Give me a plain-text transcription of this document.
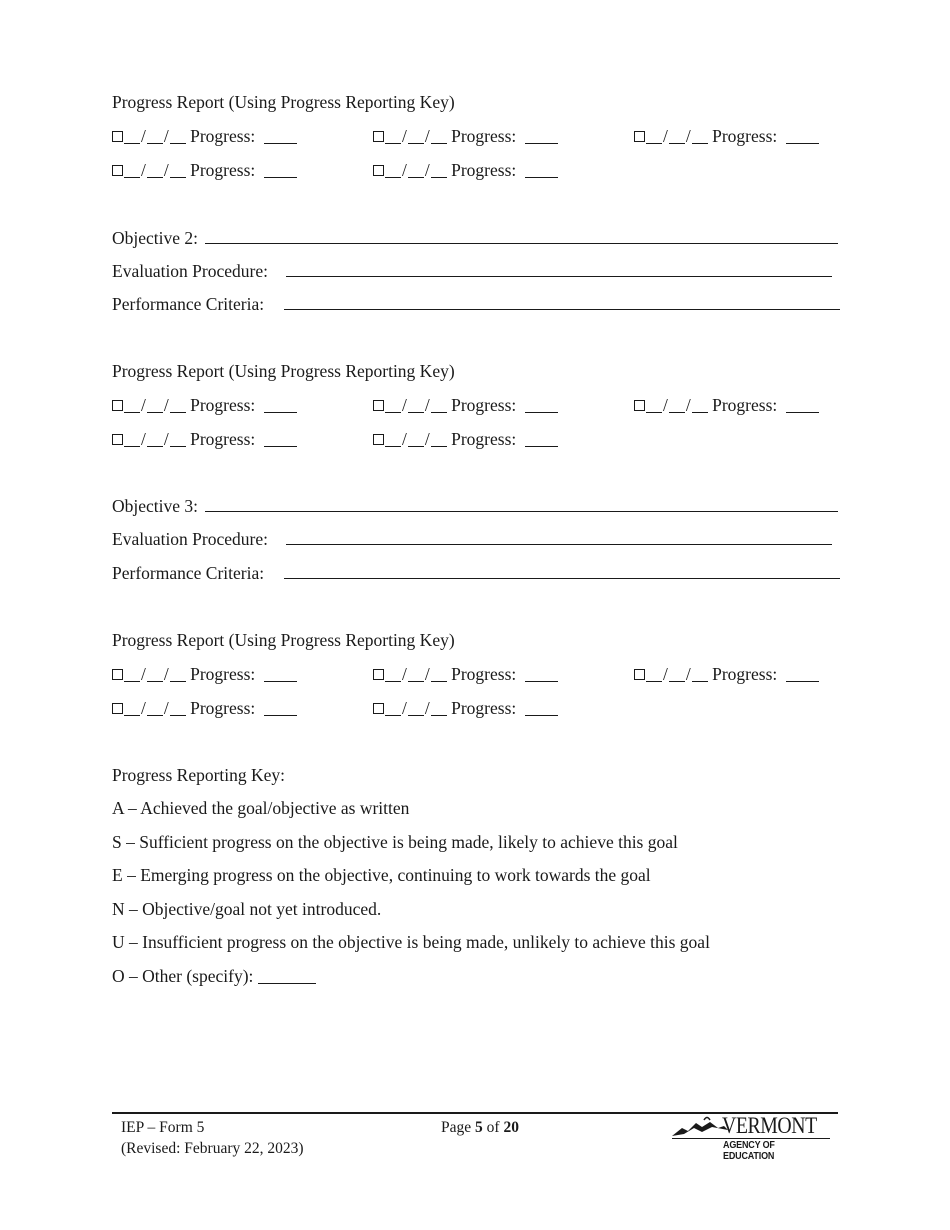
Progress Report (Using Progress Reporting Key)
/ / Progress:	/ / Progress:	/ / Progress:
/ / Progress:	/ / Progress:
Objective 2:
Evaluation Procedure:
Performance Criteria:
Progress Report (Using Progress Reporting Key)
/ / Progress:	/ / Progress:	/ / Progress:
/ / Progress:	/ / Progress:
Objective 3:
Evaluation Procedure:
Performance Criteria:
Progress Report (Using Progress Reporting Key)
/ / Progress:	/ / Progress:	/ / Progress:
/ / Progress:	/ / Progress:
Progress Reporting Key:
A – Achieved the goal/objective as written
S – Sufficient progress on the objective is being made, likely to achieve this goal
E – Emerging progress on the objective, continuing to work towards the goal
N – Objective/goal not yet introduced.
U – Insufficient progress on the objective is being made, unlikely to achieve this goal
O – Other (specify):
IEP – Form 5
(Revised: February 22, 2023)
Page 5 of 20	VERMONT
AGENCY OF EDUCATION
